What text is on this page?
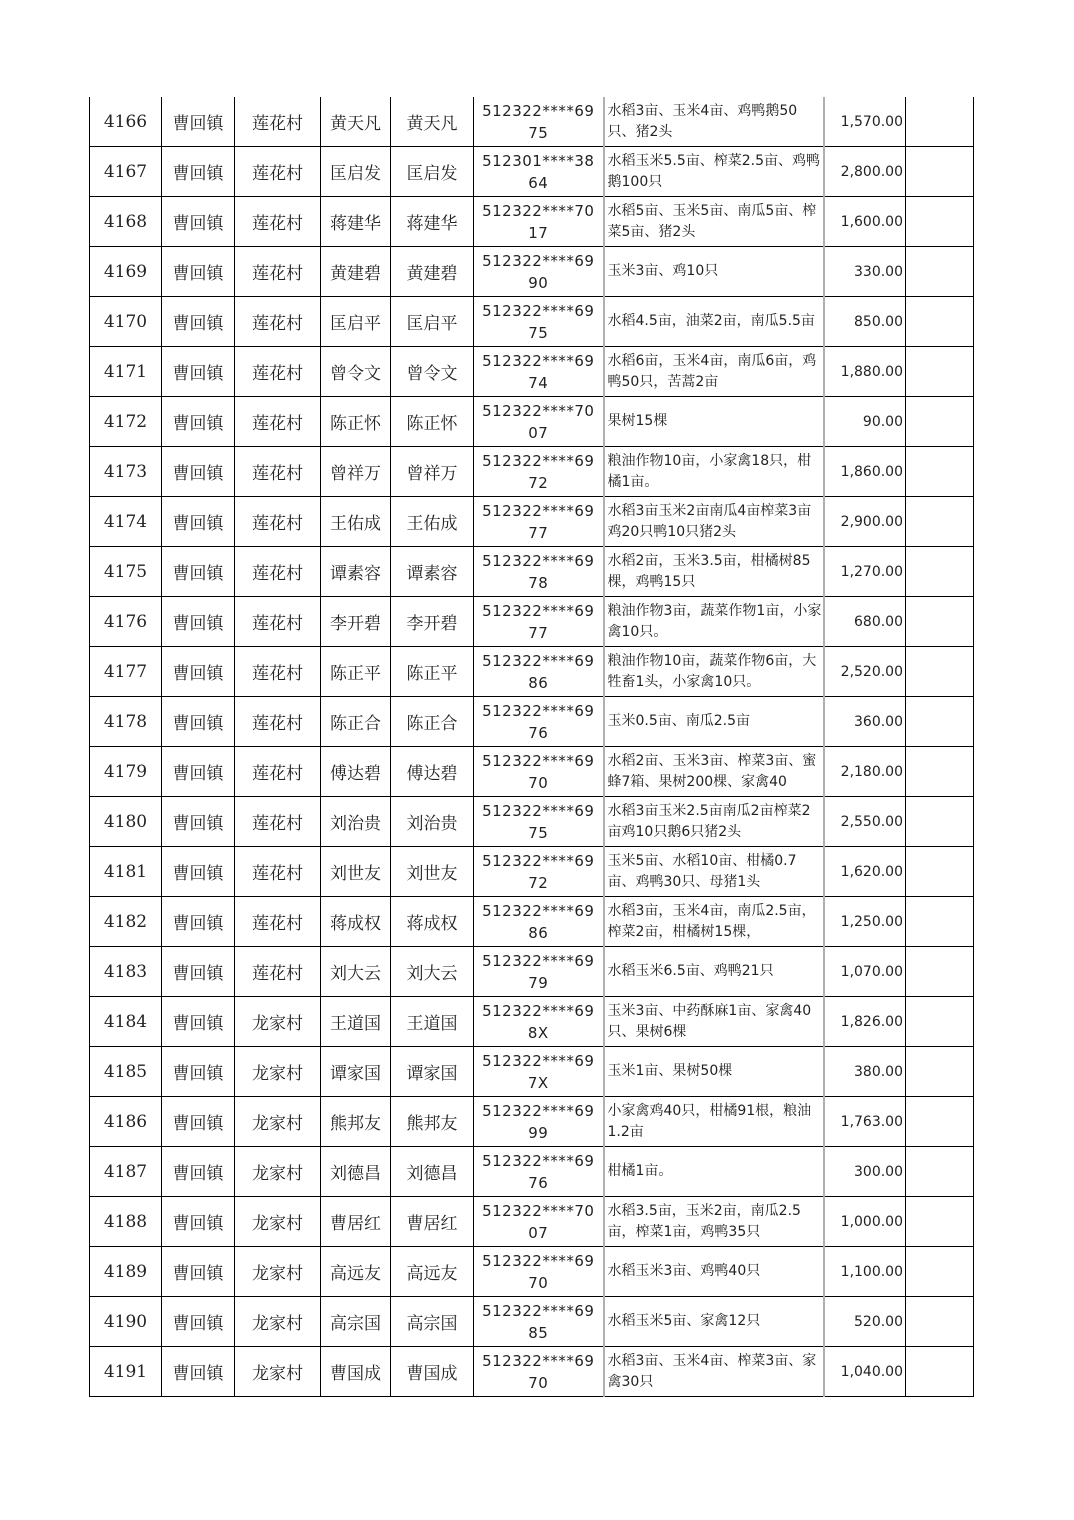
4166	曹回镇	莲花村	黄天凡	黄天凡	512322****6975	水稻3亩、玉米4亩、鸡鸭鹅50只、猪2头	1,570.00	
4167	曹回镇	莲花村	匡启发	匡启发	512301****3864	水稻玉米5.5亩、榨菜2.5亩、鸡鸭鹅100只	2,800.00	
4168	曹回镇	莲花村	蒋建华	蒋建华	512322****7017	水稻5亩、玉米5亩、南瓜5亩、榨菜5亩、猪2头	1,600.00	
4169	曹回镇	莲花村	黄建碧	黄建碧	512322****6990	玉米3亩、鸡10只	330.00	
4170	曹回镇	莲花村	匡启平	匡启平	512322****6975	水稻4.5亩，油菜2亩，南瓜5.5亩	850.00	
4171	曹回镇	莲花村	曾令文	曾令文	512322****6974	水稻6亩，玉米4亩，南瓜6亩，鸡鸭50只，苦蒿2亩	1,880.00	
4172	曹回镇	莲花村	陈正怀	陈正怀	512322****7007	果树15棵	90.00	
4173	曹回镇	莲花村	曾祥万	曾祥万	512322****6972	粮油作物10亩，小家禽18只，柑橘1亩。	1,860.00	
4174	曹回镇	莲花村	王佑成	王佑成	512322****6977	水稻3亩玉米2亩南瓜4亩榨菜3亩鸡20只鸭10只猪2头	2,900.00	
4175	曹回镇	莲花村	谭素容	谭素容	512322****6978	水稻2亩，玉米3.5亩，柑橘树85棵，鸡鸭15只	1,270.00	
4176	曹回镇	莲花村	李开碧	李开碧	512322****6977	粮油作物3亩，蔬菜作物1亩，小家禽10只。	680.00	
4177	曹回镇	莲花村	陈正平	陈正平	512322****6986	粮油作物10亩，蔬菜作物6亩，大牲畜1头，小家禽10只。	2,520.00	
4178	曹回镇	莲花村	陈正合	陈正合	512322****6976	玉米0.5亩、南瓜2.5亩	360.00	
4179	曹回镇	莲花村	傅达碧	傅达碧	512322****6970	水稻2亩、玉米3亩、榨菜3亩、蜜蜂7箱、果树200棵、家禽40	2,180.00	
4180	曹回镇	莲花村	刘治贵	刘治贵	512322****6975	水稻3亩玉米2.5亩南瓜2亩榨菜2亩鸡10只鹅6只猪2头	2,550.00	
4181	曹回镇	莲花村	刘世友	刘世友	512322****6972	玉米5亩、水稻10亩、柑橘0.7亩、鸡鸭30只、母猪1头	1,620.00	
4182	曹回镇	莲花村	蒋成权	蒋成权	512322****6986	水稻3亩，玉米4亩，南瓜2.5亩，榨菜2亩，柑橘树15棵，	1,250.00	
4183	曹回镇	莲花村	刘大云	刘大云	512322****6979	水稻玉米6.5亩、鸡鸭21只	1,070.00	
4184	曹回镇	龙家村	王道国	王道国	512322****698X	玉米3亩、中药酥麻1亩、家禽40只、果树6棵	1,826.00	
4185	曹回镇	龙家村	谭家国	谭家国	512322****697X	玉米1亩、果树50棵	380.00	
4186	曹回镇	龙家村	熊邦友	熊邦友	512322****6999	小家禽鸡40只，柑橘91根，粮油1.2亩	1,763.00	
4187	曹回镇	龙家村	刘德昌	刘德昌	512322****6976	柑橘1亩。	300.00	
4188	曹回镇	龙家村	曹居红	曹居红	512322****7007	水稻3.5亩，玉米2亩，南瓜2.5亩，榨菜1亩，鸡鸭35只	1,000.00	
4189	曹回镇	龙家村	高远友	高远友	512322****6970	水稻玉米3亩、鸡鸭40只	1,100.00	
4190	曹回镇	龙家村	高宗国	高宗国	512322****6985	水稻玉米5亩、家禽12只	520.00	
4191	曹回镇	龙家村	曹国成	曹国成	512322****6970	水稻3亩、玉米4亩、榨菜3亩、家禽30只	1,040.00	
